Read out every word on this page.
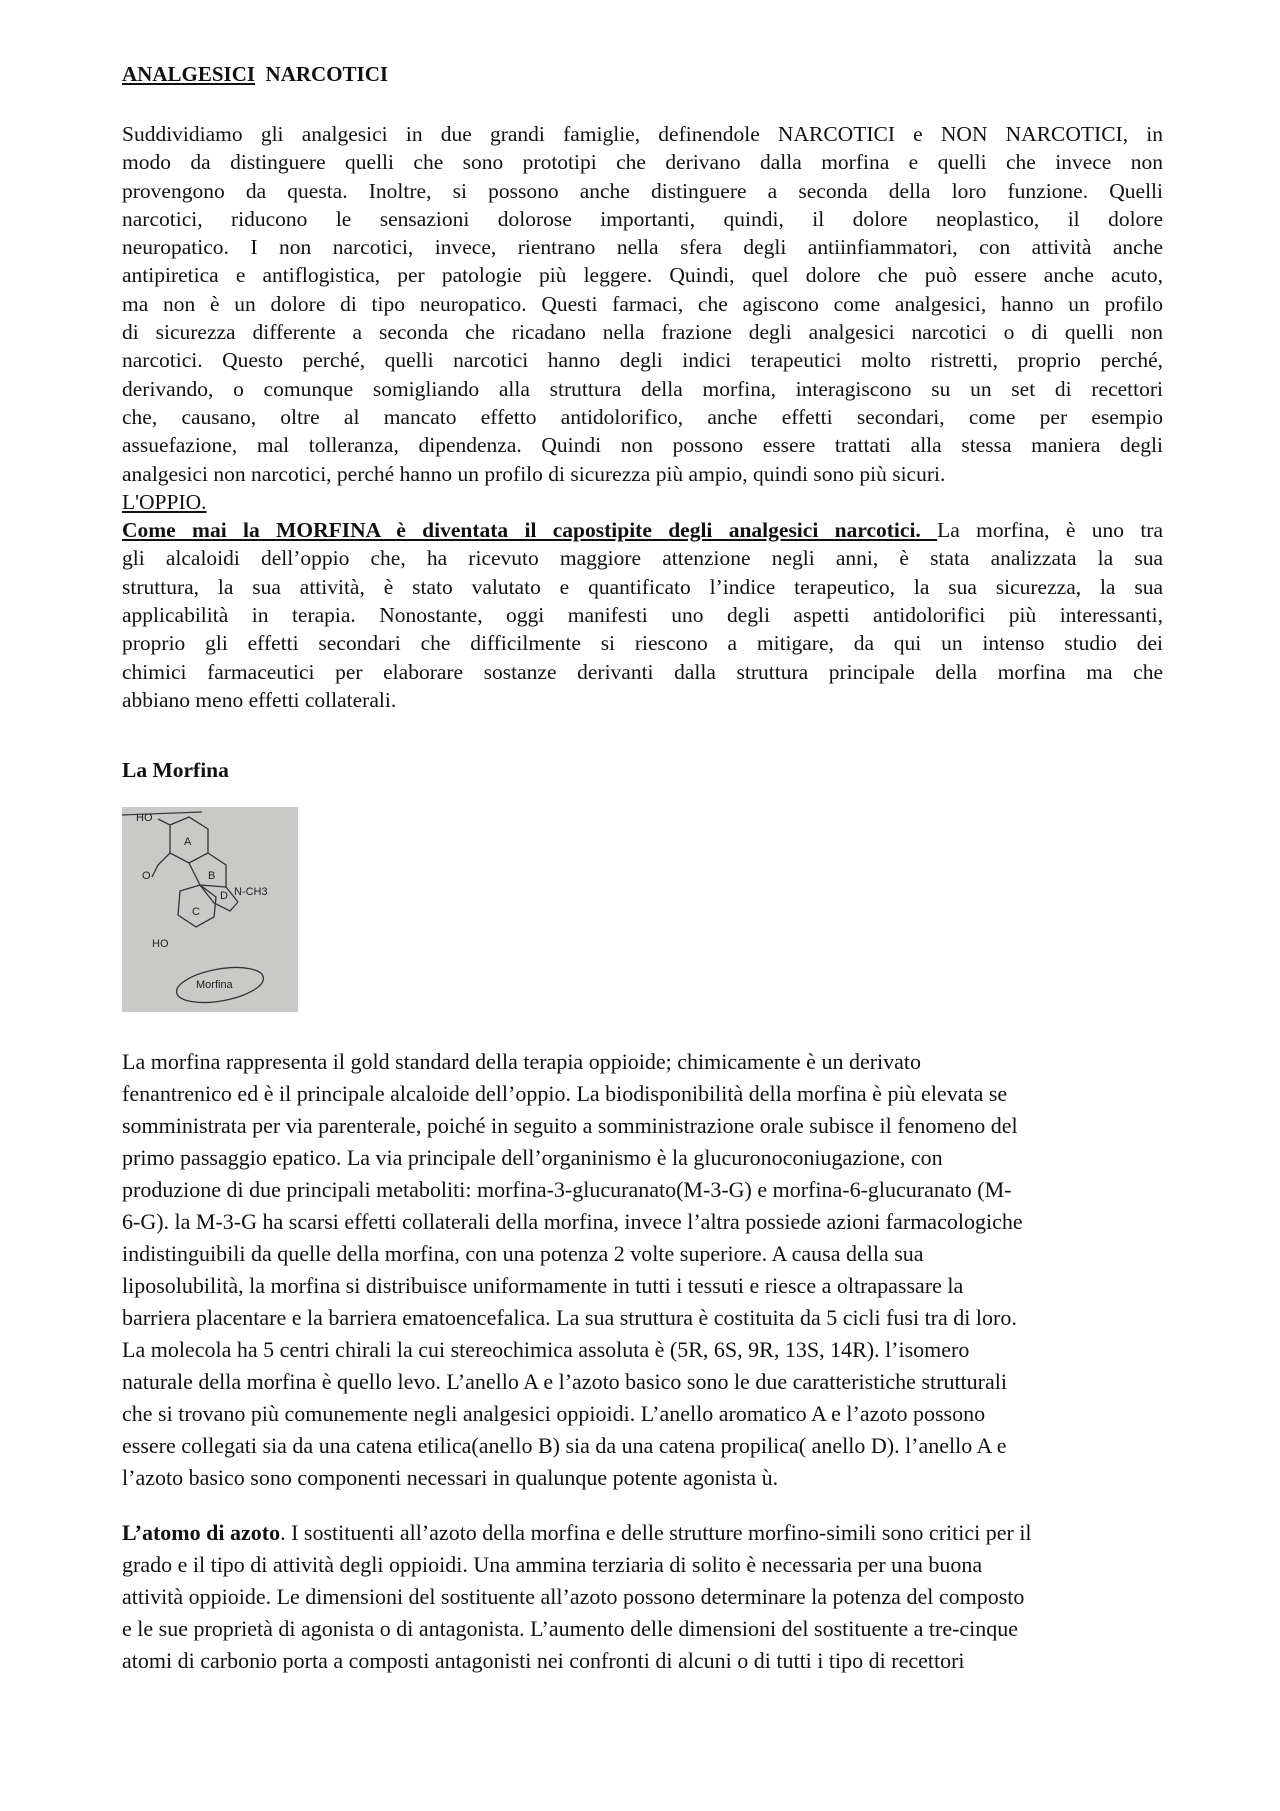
ANALGESICI  NARCOTICI
Suddividiamo gli analgesici in due grandi famiglie, definendole NARCOTICI e NON NARCOTICI, in
modo da distinguere quelli che sono prototipi che derivano dalla morfina e quelli che invece non
provengono da questa. Inoltre, si possono anche distinguere a seconda della loro funzione. Quelli
narcotici, riducono le sensazioni dolorose importanti, quindi, il dolore neoplastico, il dolore
neuropatico. I non narcotici, invece, rientrano nella sfera degli antiinfiammatori, con attività anche
antipiretica e antiflogistica, per patologie più leggere. Quindi, quel dolore che può essere anche acuto,
ma non è un dolore di tipo neuropatico. Questi farmaci, che agiscono come analgesici, hanno un profilo
di sicurezza differente a seconda che ricadano nella frazione degli analgesici narcotici o di quelli non
narcotici. Questo perché, quelli narcotici hanno degli indici terapeutici molto ristretti, proprio perché,
derivando, o comunque somigliando alla struttura della morfina, interagiscono su un set di recettori
che, causano, oltre al mancato effetto antidolorifico, anche effetti secondari, come per esempio
assuefazione, mal tolleranza, dipendenza. Quindi non possono essere trattati alla stessa maniera degli
analgesici non narcotici, perché hanno un profilo di sicurezza più ampio, quindi sono più sicuri.
L'OPPIO.
Come mai la MORFINA è diventata il capostipite degli analgesici narcotici. La morfina, è uno tra
gli alcaloidi dell’oppio che, ha ricevuto maggiore attenzione negli anni, è stata analizzata la sua
struttura, la sua attività, è stato valutato e quantificato l’indice terapeutico, la sua sicurezza, la sua
applicabilità in terapia. Nonostante, oggi manifesti uno degli aspetti antidolorifici più interessanti,
proprio gli effetti secondari che difficilmente si riescono a mitigare, da qui un intenso studio dei
chimici farmaceutici per elaborare sostanze derivanti dalla struttura principale della morfina ma che
abbiano meno effetti collaterali.
La Morfina
HO
A
B
O
D N-CH3
C
HO
Morfina
La morfina rappresenta il gold standard della terapia oppioide; chimicamente è un derivato
fenantrenico ed è il principale alcaloide dell’oppio. La biodisponibilità della morfina è più elevata se
somministrata per via parenterale, poiché in seguito a somministrazione orale subisce il fenomeno del
primo passaggio epatico. La via principale dell’organinismo è la glucuronoconiugazione, con
produzione di due principali metaboliti: morfina-3-glucuranato(M-3-G) e morfina-6-glucuranato (M-
6-G). la M-3-G ha scarsi effetti collaterali della morfina, invece l’altra possiede azioni farmacologiche
indistinguibili da quelle della morfina, con una potenza 2 volte superiore. A causa della sua
liposolubilità, la morfina si distribuisce uniformamente in tutti i tessuti e riesce a oltrapassare la
barriera placentare e la barriera ematoencefalica. La sua struttura è costituita da 5 cicli fusi tra di loro.
La molecola ha 5 centri chirali la cui stereochimica assoluta è (5R, 6S, 9R, 13S, 14R). l’isomero
naturale della morfina è quello levo. L’anello A e l’azoto basico sono le due caratteristiche strutturali
che si trovano più comunemente negli analgesici oppioidi. L’anello aromatico A e l’azoto possono
essere collegati sia da una catena etilica(anello B) sia da una catena propilica( anello D). l’anello A e
l’azoto basico sono componenti necessari in qualunque potente agonista ù.
L’atomo di azoto. I sostituenti all’azoto della morfina e delle strutture morfino-simili sono critici per il
grado e il tipo di attività degli oppioidi. Una ammina terziaria di solito è necessaria per una buona
attività oppioide. Le dimensioni del sostituente all’azoto possono determinare la potenza del composto
e le sue proprietà di agonista o di antagonista. L’aumento delle dimensioni del sostituente a tre-cinque
atomi di carbonio porta a composti antagonisti nei confronti di alcuni o di tutti i tipo di recettori
